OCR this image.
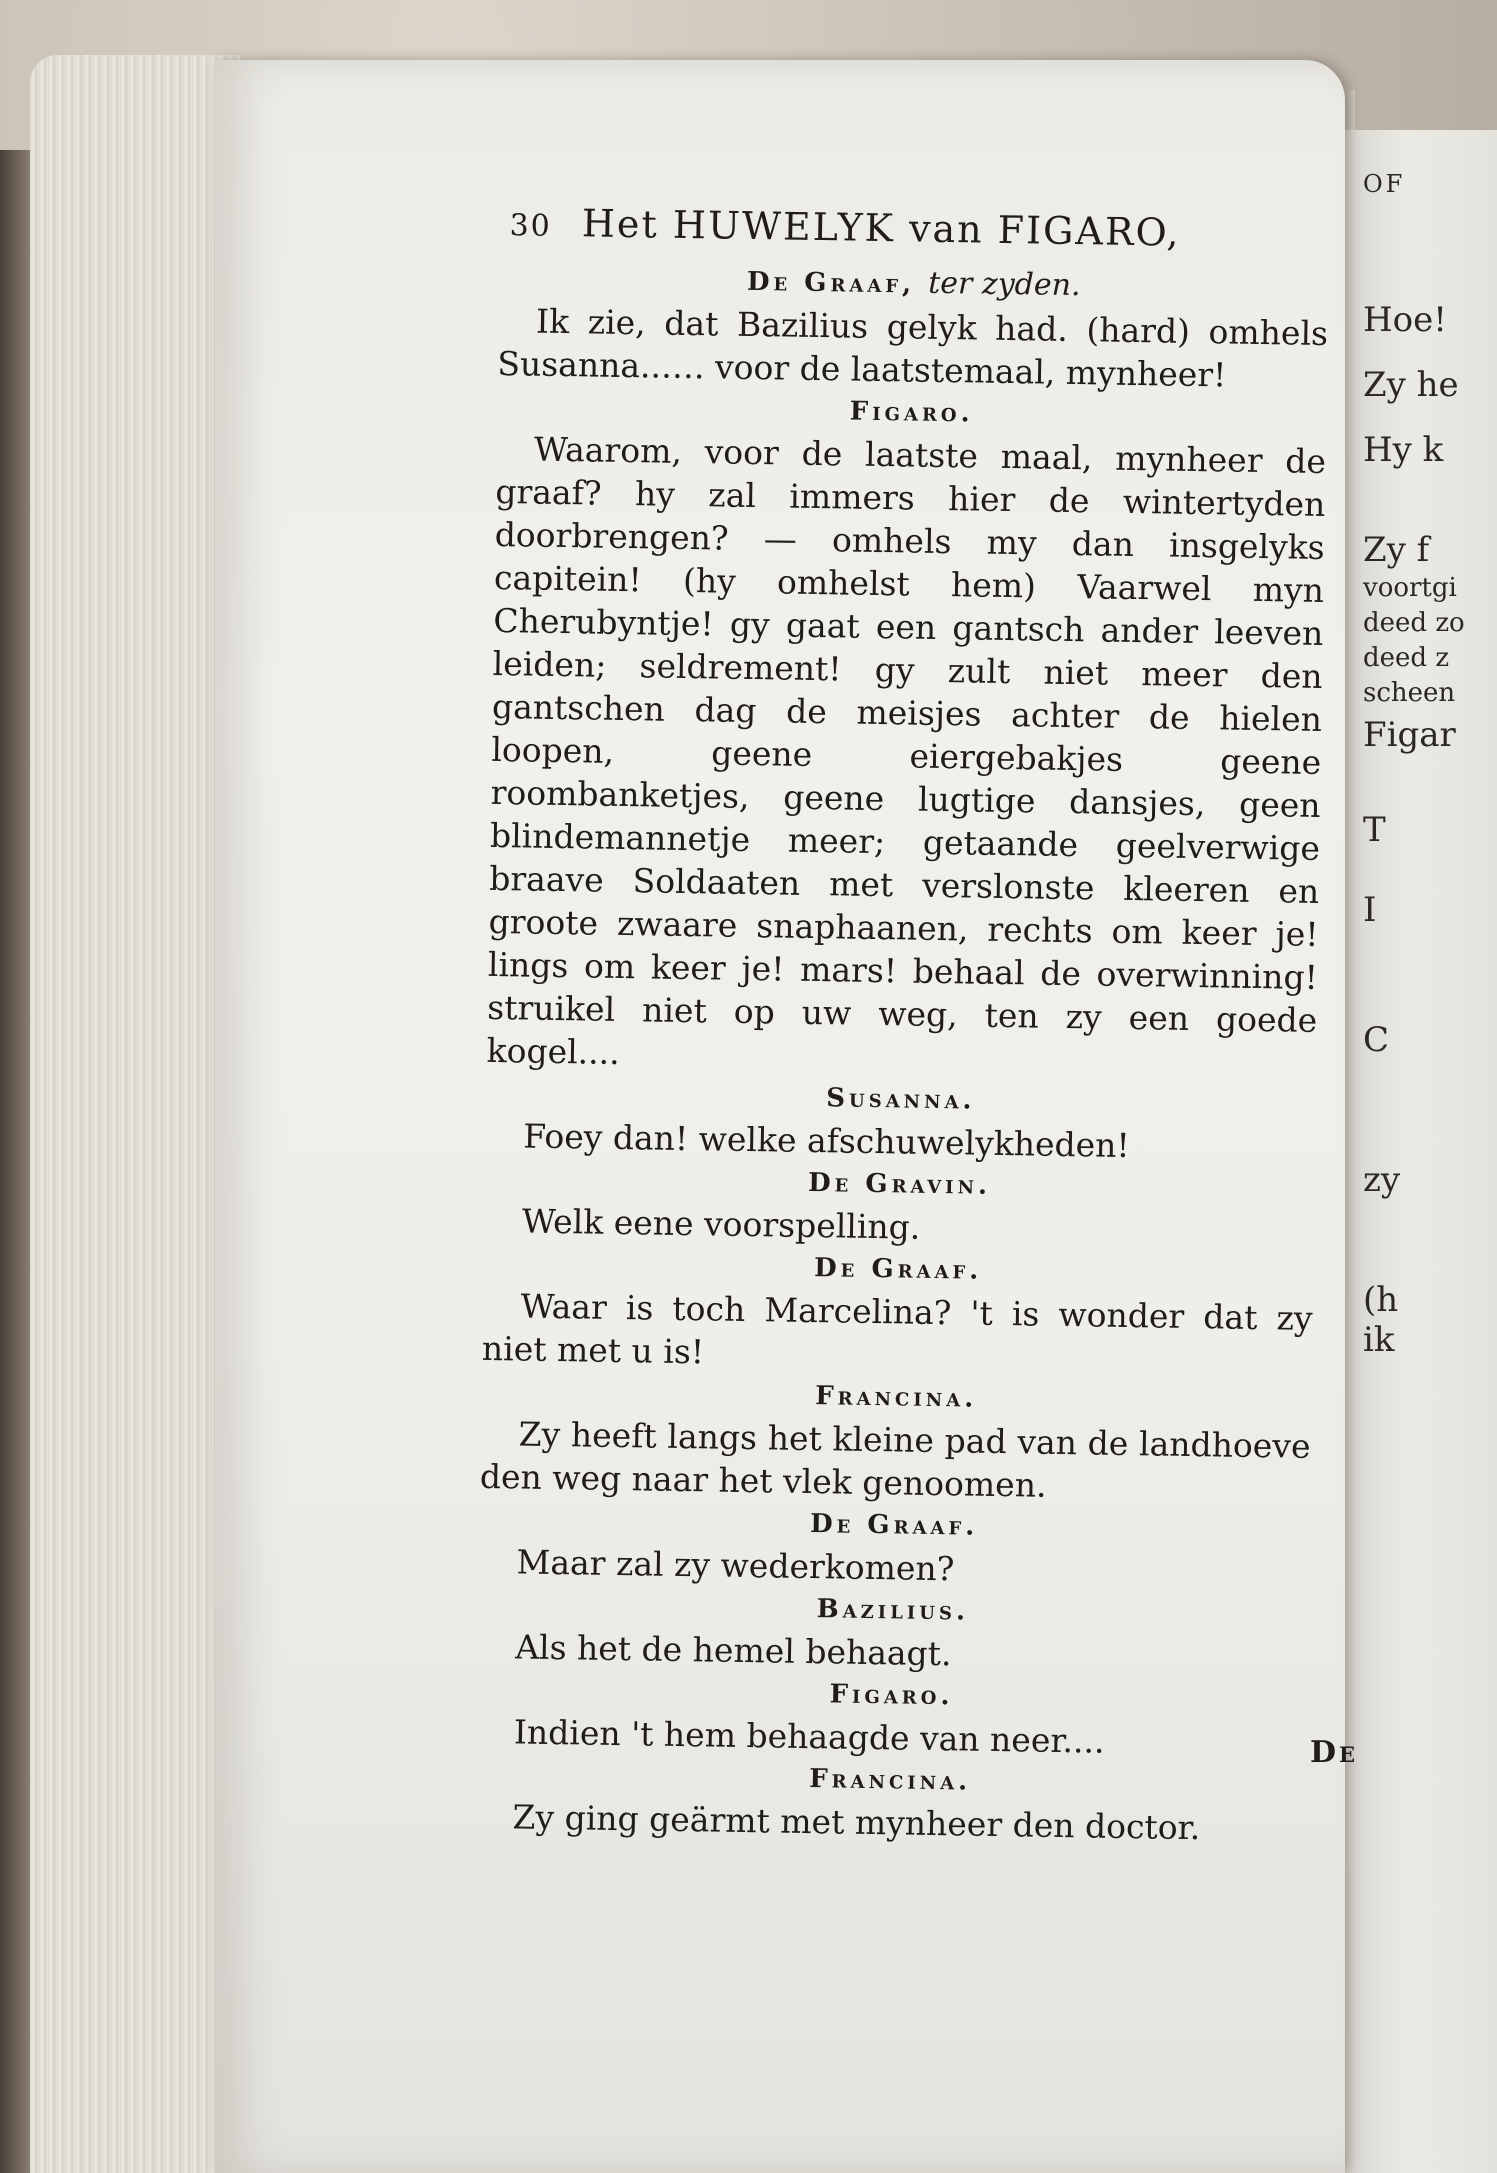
OF
Hoe!
Zy he
Hy k
Zy f
voortgi
deed zo
deed z
scheen
Figar
T
I
C
zy
(h
ik
30 Het HUWELYK van FIGARO,

De Graaf, ter zyden.

Ik zie, dat Bazilius gelyk had. (hard) omhels Susanna..…. voor de laatstemaal, mynheer!

Figaro.

Waarom, voor de laatste maal, mynheer de graaf? hy zal immers hier de wintertyden doorbrengen? — omhels my dan insgelyks capitein! (hy omhelst hem) Vaarwel myn Cherubyntje! gy gaat een gantsch ander leeven leiden; seldrement! gy zult niet meer den gantschen dag de meisjes achter de hielen loopen, geene eiergebakjes geene roombanketjes, geene lugtige dansjes, geen blindemannetje meer; getaande geelverwige braave Soldaaten met verslonste kleeren en groote zwaare snaphaanen, rechts om keer je! lings om keer je! mars! behaal de overwinning! struikel niet op uw weg, ten zy een goede kogel....

Susanna.

Foey dan! welke afschuwelykheden!

De Gravin.

Welk eene voorspelling.

De Graaf.

Waar is toch Marcelina? 't is wonder dat zy niet met u is!

Francina.

Zy heeft langs het kleine pad van de landhoeve den weg naar het vlek genoomen.

De Graaf.

Maar zal zy wederkomen?

Bazilius.

Als het de hemel behaagt.

Figaro.

Indien 't hem behaagde van neer....

Francina.

Zy ging geärmt met mynheer den doctor.

De
